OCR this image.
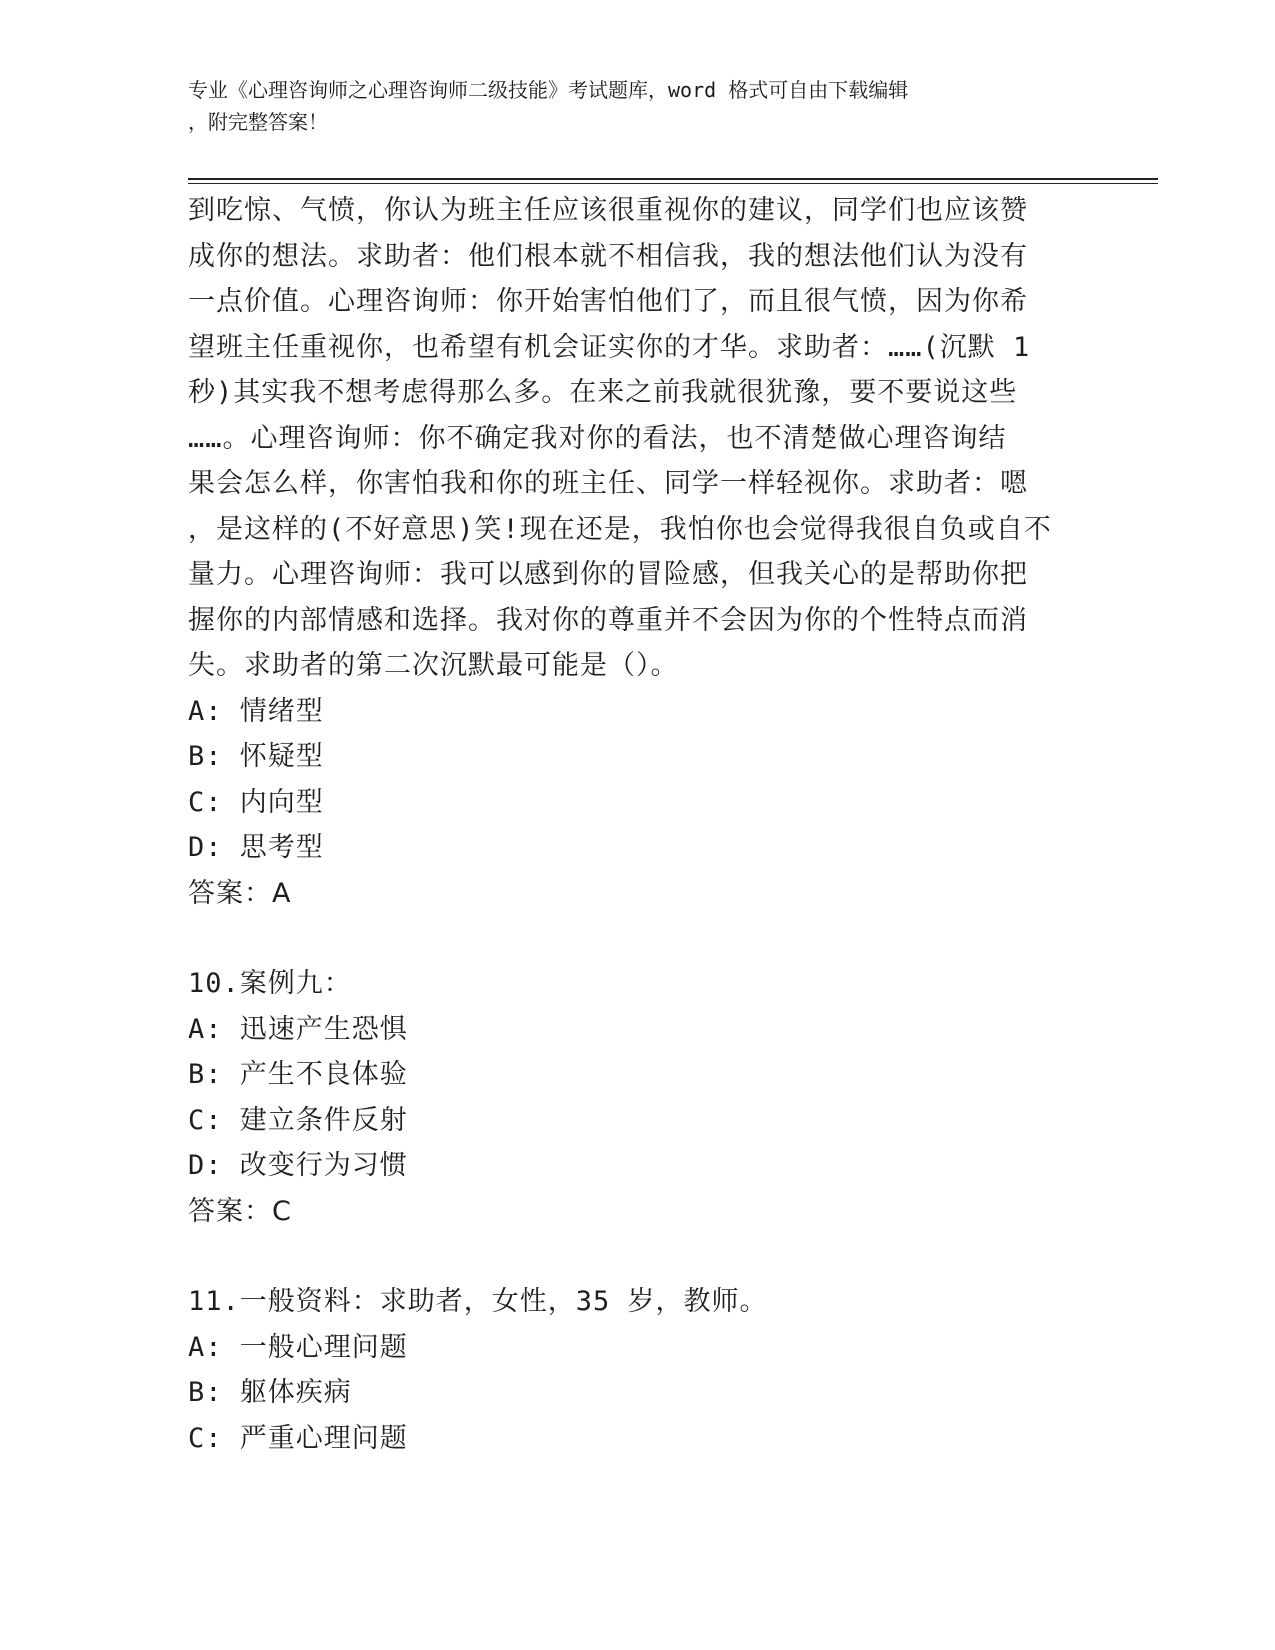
专业《心理咨询师之心理咨询师二级技能》考试题库，word 格式可自由下载编辑
，附完整答案！

到吃惊、气愤，你认为班主任应该很重视你的建议，同学们也应该赞

成你的想法。求助者：他们根本就不相信我，我的想法他们认为没有

一点价值。心理咨询师：你开始害怕他们了，而且很气愤，因为你希

望班主任重视你，也希望有机会证实你的才华。求助者：……(沉默 1

秒)其实我不想考虑得那么多。在来之前我就很犹豫，要不要说这些

……。心理咨询师：你不确定我对你的看法，也不清楚做心理咨询结

果会怎么样，你害怕我和你的班主任、同学一样轻视你。求助者：嗯

，是这样的(不好意思)笑!现在还是，我怕你也会觉得我很自负或自不

量力。心理咨询师：我可以感到你的冒险感，但我关心的是帮助你把

握你的内部情感和选择。我对你的尊重并不会因为你的个性特点而消

失。求助者的第二次沉默最可能是（）。

A: 情绪型

B: 怀疑型

C: 内向型

D: 思考型

答案：A

10.案例九：

A: 迅速产生恐惧

B: 产生不良体验

C: 建立条件反射

D: 改变行为习惯

答案：C

11.一般资料：求助者，女性，35 岁，教师。

A: 一般心理问题

B: 躯体疾病

C: 严重心理问题
